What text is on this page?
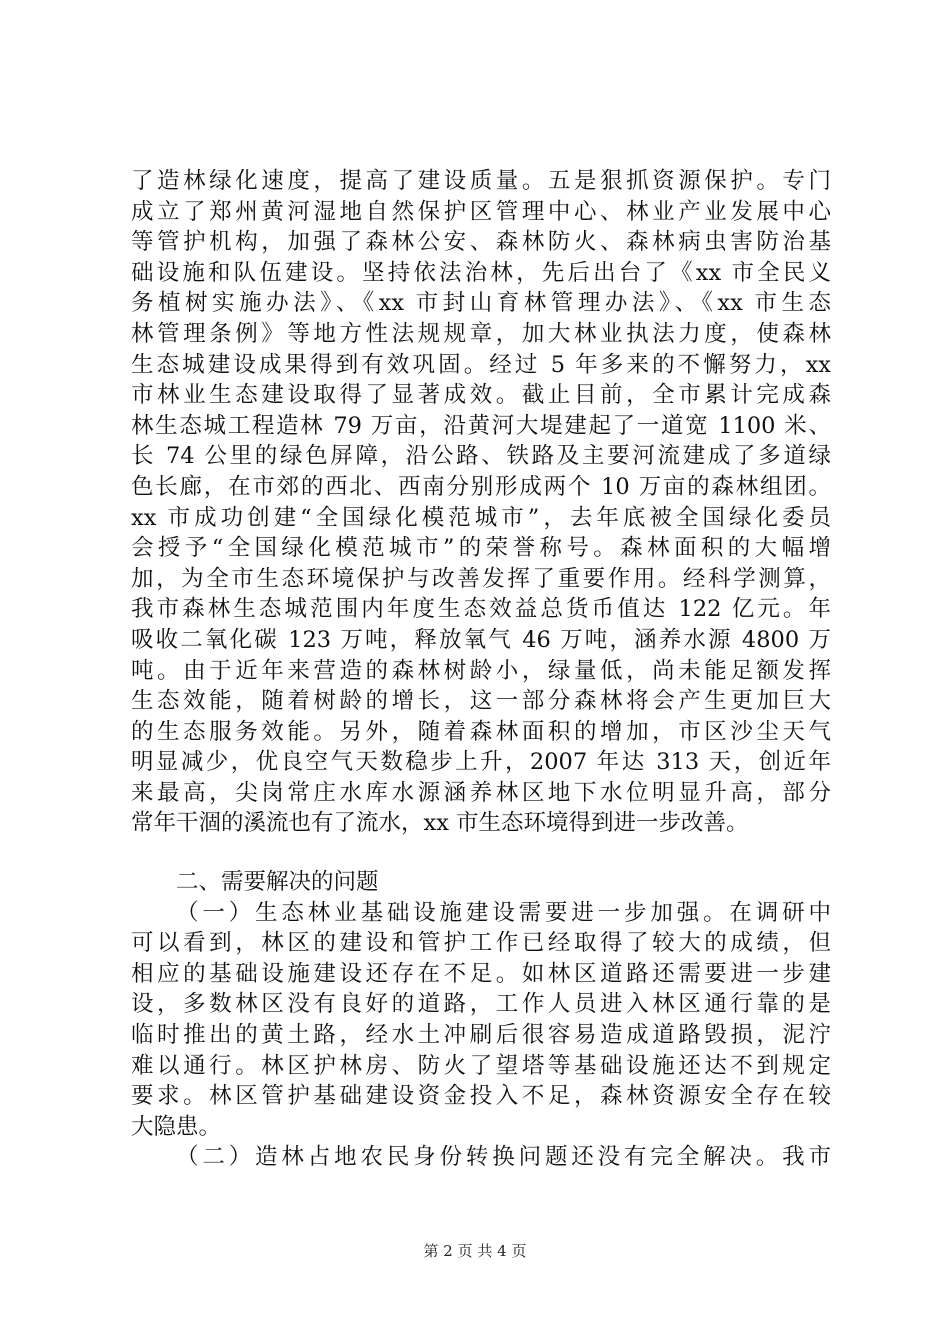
了造林绿化速度，提高了建设质量。五是狠抓资源保护。专门
成立了郑州黄河湿地自然保护区管理中心、林业产业发展中心
等管护机构，加强了森林公安、森林防火、森林病虫害防治基
础设施和队伍建设。坚持依法治林，先后出台了《xx 市全民义
务植树实施办法》、《xx 市封山育林管理办法》、《xx 市生态
林管理条例》等地方性法规规章，加大林业执法力度，使森林
生态城建设成果得到有效巩固。经过 5 年多来的不懈努力，xx
市林业生态建设取得了显著成效。截止目前，全市累计完成森
林生态城工程造林 79 万亩，沿黄河大堤建起了一道宽 1100 米、
长 74 公里的绿色屏障，沿公路、铁路及主要河流建成了多道绿
色长廊，在市郊的西北、西南分别形成两个 10 万亩的森林组团。
xx 市成功创建“全国绿化模范城市”，去年底被全国绿化委员
会授予“全国绿化模范城市”的荣誉称号。森林面积的大幅增
加，为全市生态环境保护与改善发挥了重要作用。经科学测算，
我市森林生态城范围内年度生态效益总货币值达 122 亿元。年
吸收二氧化碳 123 万吨，释放氧气 46 万吨，涵养水源 4800 万
吨。由于近年来营造的森林树龄小，绿量低，尚未能足额发挥
生态效能，随着树龄的增长，这一部分森林将会产生更加巨大
的生态服务效能。另外，随着森林面积的增加，市区沙尘天气
明显减少，优良空气天数稳步上升，2007 年达 313 天，创近年
来最高，尖岗常庄水库水源涵养林区地下水位明显升高，部分
常年干涸的溪流也有了流水，xx 市生态环境得到进一步改善。
二、需要解决的问题
（一）生态林业基础设施建设需要进一步加强。在调研中
可以看到，林区的建设和管护工作已经取得了较大的成绩，但
相应的基础设施建设还存在不足。如林区道路还需要进一步建
设，多数林区没有良好的道路，工作人员进入林区通行靠的是
临时推出的黄土路，经水土冲刷后很容易造成道路毁损，泥泞
难以通行。林区护林房、防火了望塔等基础设施还达不到规定
要求。林区管护基础建设资金投入不足，森林资源安全存在较
大隐患。
（二）造林占地农民身份转换问题还没有完全解决。我市
第 2 页 共 4 页
